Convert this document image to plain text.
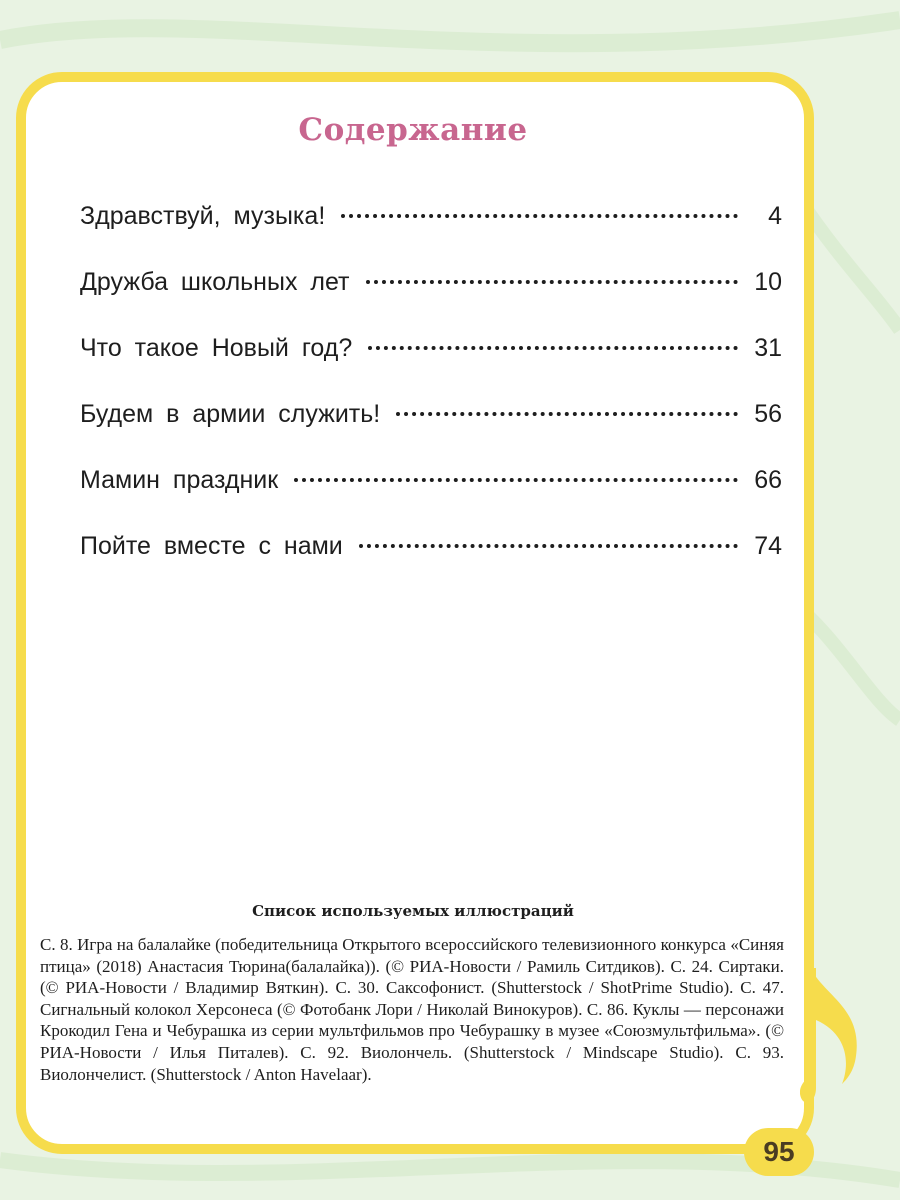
Содержание
Здравствуй, музыка!	4
Дружба школьных лет	10
Что такое Новый год?	31
Будем в армии служить!	56
Мамин праздник	66
Пойте вместе с нами	74
Список используемых иллюстраций

С. 8. Игра на балалайке (победительница Открытого всероссийского телевизионного конкурса «Синяя птица» (2018) Анастасия Тюрина(балалайка)). (© РИА-Новости / Рамиль Ситдиков). С. 24. Сиртаки. (© РИА-Новости / Владимир Вяткин). С. 30. Саксофонист. (Shutterstock / ShotPrime Studio). С. 47. Сигнальный колокол Херсонеса (© Фотобанк Лори / Николай Винокуров). С. 86. Куклы — персонажи Крокодил Гена и Чебурашка из серии мультфильмов про Чебурашку в музее «Союзмультфильма». (© РИА-Новости / Илья Питалев). С. 92. Виолончель. (Shutterstock / Mindscape Studio). С. 93. Виолончелист. (Shutterstock / Anton Havelaar).

95
